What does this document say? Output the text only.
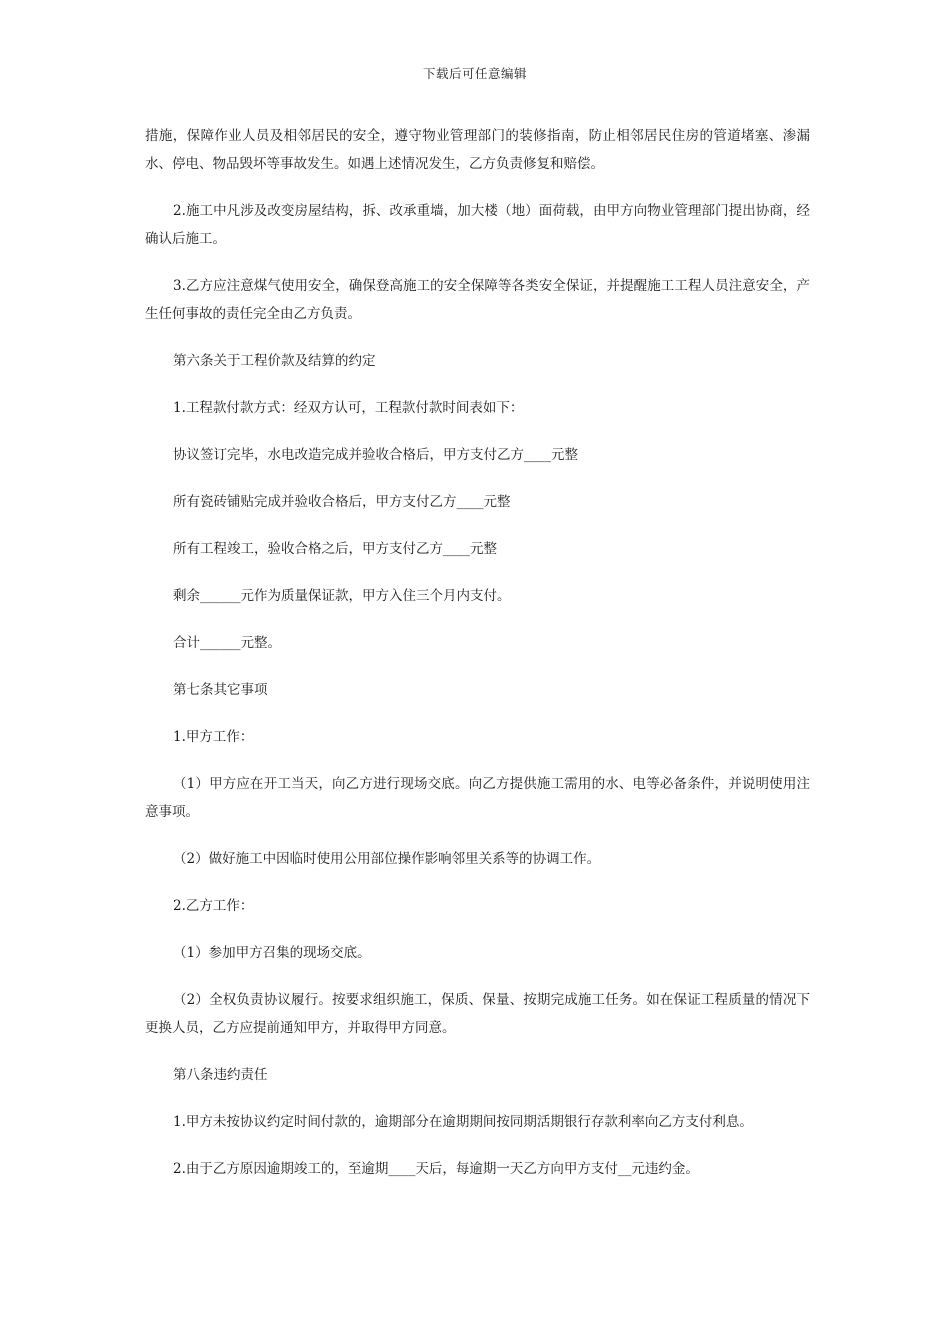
下载后可任意编辑

措施，保障作业人员及相邻居民的安全，遵守物业管理部门的装修指南，防止相邻居民住房的管道堵塞、渗漏水、停电、物品毁坏等事故发生。如遇上述情况发生，乙方负责修复和赔偿。

2.施工中凡涉及改变房屋结构，拆、改承重墙，加大楼（地）面荷载，由甲方向物业管理部门提出协商，经确认后施工。

3.乙方应注意煤气使用安全，确保登高施工的安全保障等各类安全保证，并提醒施工工程人员注意安全，产生任何事故的责任完全由乙方负责。

第六条关于工程价款及结算的约定

1.工程款付款方式：经双方认可，工程款付款时间表如下：

协议签订完毕，水电改造完成并验收合格后，甲方支付乙方____元整

所有瓷砖铺贴完成并验收合格后，甲方支付乙方____元整

所有工程竣工，验收合格之后，甲方支付乙方____元整

剩余______元作为质量保证款，甲方入住三个月内支付。

合计______元整。

第七条其它事项

1.甲方工作：

（1）甲方应在开工当天，向乙方进行现场交底。向乙方提供施工需用的水、电等必备条件，并说明使用注意事项。

（2）做好施工中因临时使用公用部位操作影响邻里关系等的协调工作。

2.乙方工作：

（1）参加甲方召集的现场交底。

（2）全权负责协议履行。按要求组织施工，保质、保量、按期完成施工任务。如在保证工程质量的情况下更换人员，乙方应提前通知甲方，并取得甲方同意。

第八条违约责任

1.甲方未按协议约定时间付款的，逾期部分在逾期期间按同期活期银行存款利率向乙方支付利息。

2.由于乙方原因逾期竣工的，至逾期____天后，每逾期一天乙方向甲方支付__元违约金。
